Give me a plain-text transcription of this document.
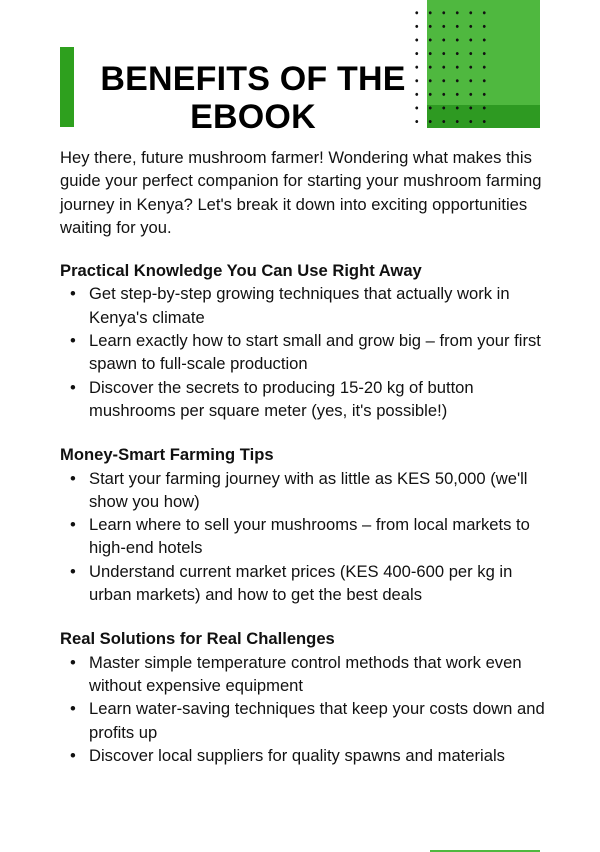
BENEFITS OF THE
EBOOK

Hey there, future mushroom farmer! Wondering what makes this guide your perfect companion for starting your mushroom farming journey in Kenya? Let's break it down into exciting opportunities waiting for you.

Practical Knowledge You Can Use Right Away
• Get step-by-step growing techniques that actually work in Kenya's climate
• Learn exactly how to start small and grow big – from your first spawn to full-scale production
• Discover the secrets to producing 15-20 kg of button mushrooms per square meter (yes, it's possible!)
Money-Smart Farming Tips
• Start your farming journey with as little as KES 50,000 (we'll show you how)
• Learn where to sell your mushrooms – from local markets to high-end hotels
• Understand current market prices (KES 400-600 per kg in urban markets) and how to get the best deals
Real Solutions for Real Challenges
• Master simple temperature control methods that work even without expensive equipment
• Learn water-saving techniques that keep your costs down and profits up
• Discover local suppliers for quality spawns and materials
